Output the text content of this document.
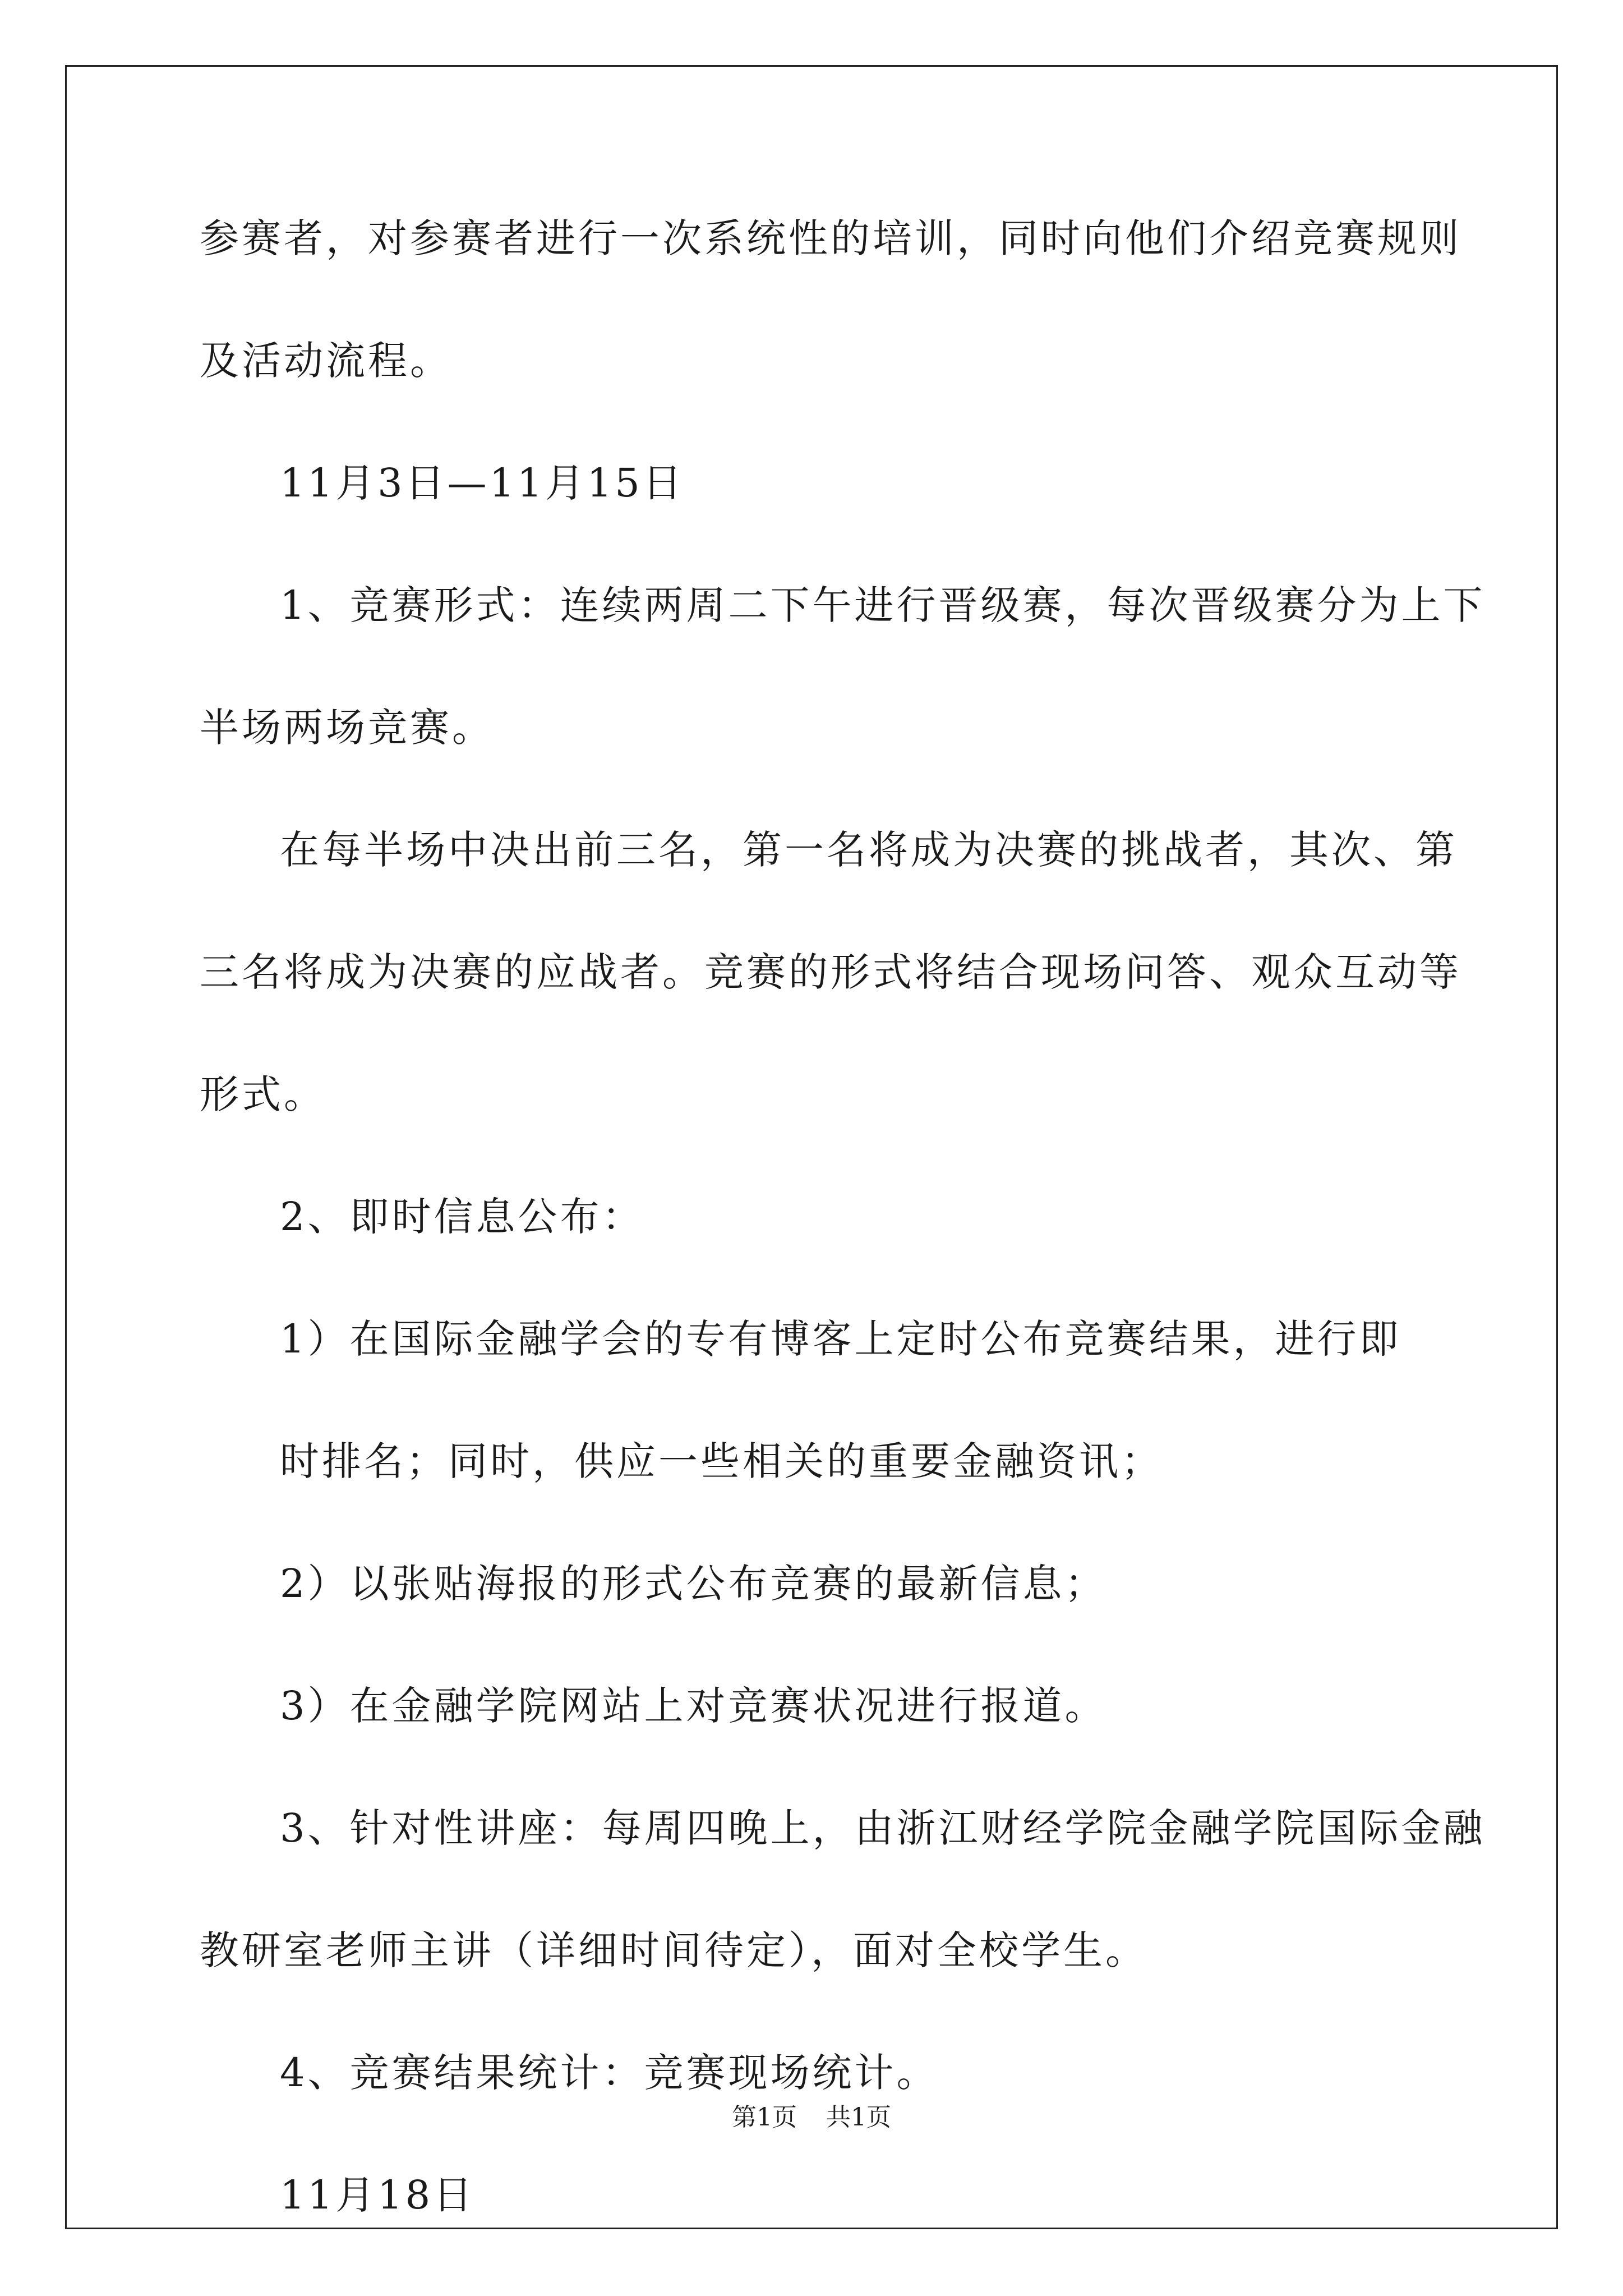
参赛者，对参赛者进行一次系统性的培训，同时向他们介绍竞赛规则
及活动流程。
11月3日—11月15日
1、竞赛形式：连续两周二下午进行晋级赛，每次晋级赛分为上下
半场两场竞赛。
在每半场中决出前三名，第一名将成为决赛的挑战者，其次、第
三名将成为决赛的应战者。竞赛的形式将结合现场问答、观众互动等
形式。
2、即时信息公布：
1）在国际金融学会的专有博客上定时公布竞赛结果，进行即
时排名；同时，供应一些相关的重要金融资讯；
2）以张贴海报的形式公布竞赛的最新信息；
3）在金融学院网站上对竞赛状况进行报道。
3、针对性讲座：每周四晚上，由浙江财经学院金融学院国际金融
教研室老师主讲（详细时间待定），面对全校学生。
4、竞赛结果统计：竞赛现场统计。
11月18日
第1页 共1页
